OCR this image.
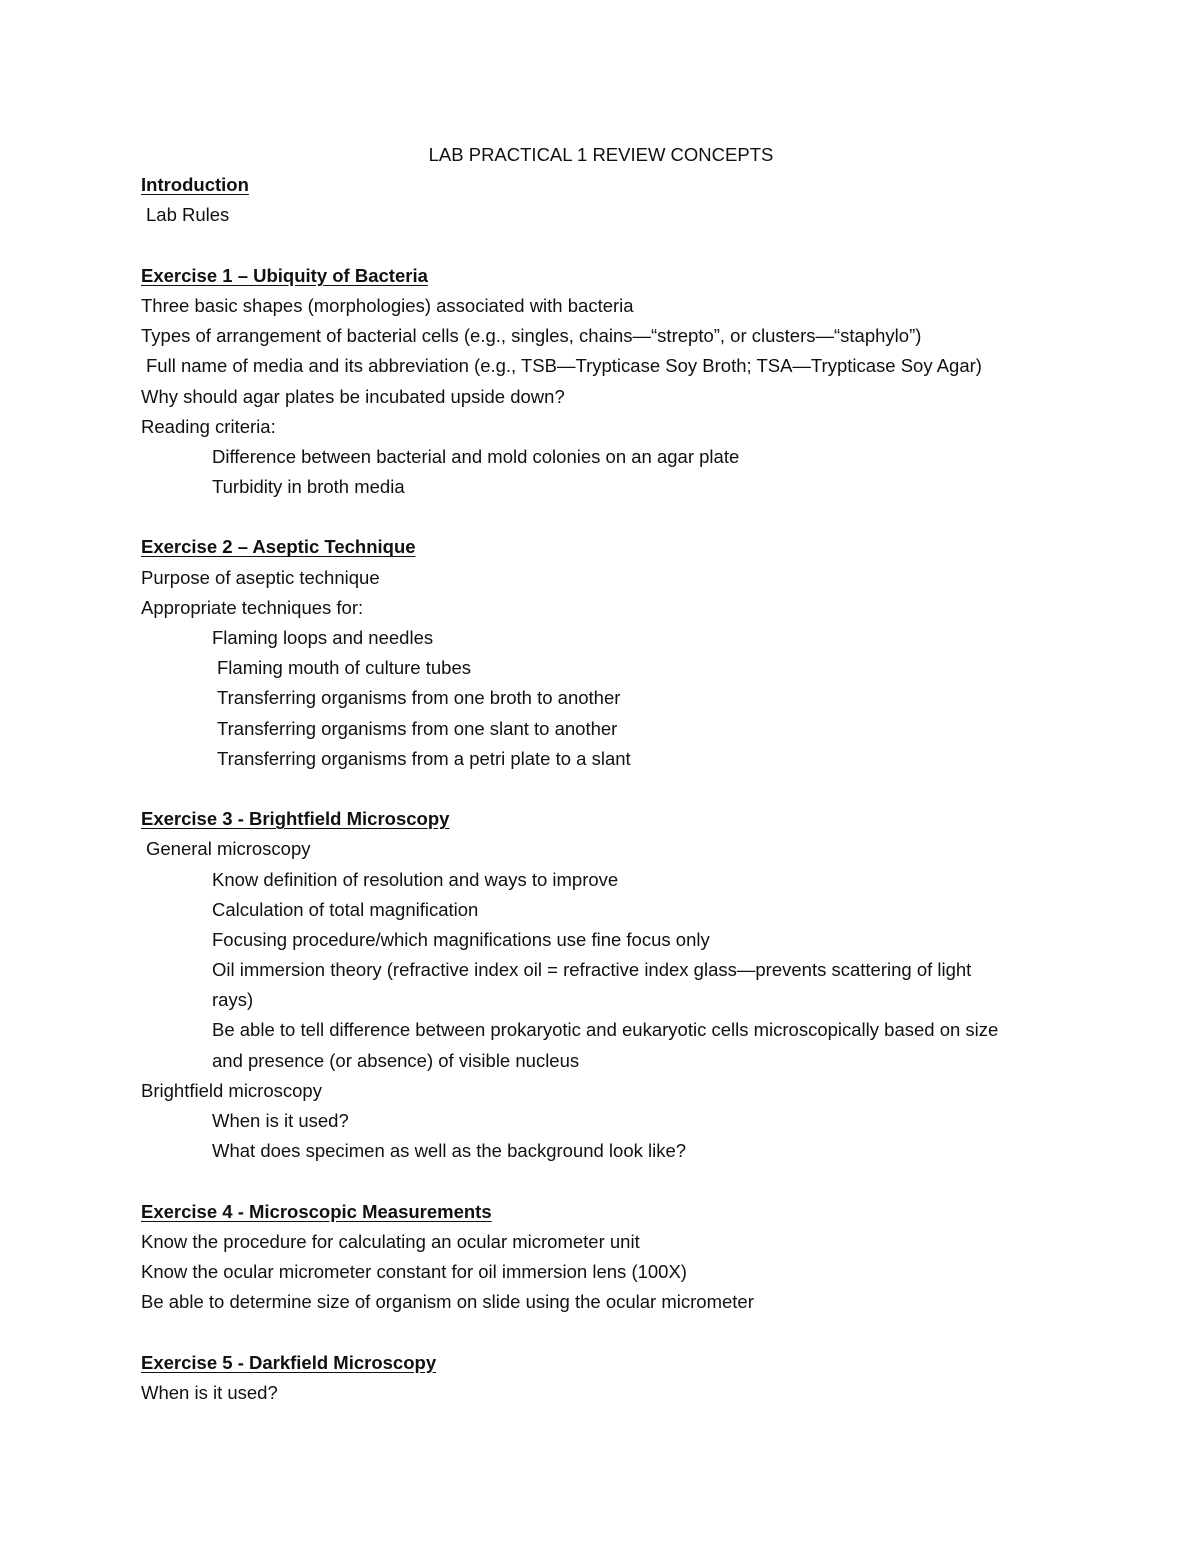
LAB PRACTICAL 1 REVIEW CONCEPTS
Introduction
Lab Rules
Exercise 1 – Ubiquity of Bacteria
Three basic shapes (morphologies) associated with bacteria
Types of arrangement of bacterial cells (e.g., singles, chains—“strepto”, or clusters—“staphylo”)
Full name of media and its abbreviation (e.g., TSB—Trypticase Soy Broth; TSA—Trypticase Soy Agar)
Why should agar plates be incubated upside down?
Reading criteria:
Difference between bacterial and mold colonies on an agar plate
Turbidity in broth media
Exercise 2 – Aseptic Technique
Purpose of aseptic technique
Appropriate techniques for:
Flaming loops and needles
Flaming mouth of culture tubes
Transferring organisms from one broth to another
Transferring organisms from one slant to another
Transferring organisms from a petri plate to a slant
Exercise 3 - Brightfield Microscopy
General microscopy
Know definition of resolution and ways to improve
Calculation of total magnification
Focusing procedure/which magnifications use fine focus only
Oil immersion theory (refractive index oil = refractive index glass—prevents scattering of light
rays)
Be able to tell difference between prokaryotic and eukaryotic cells microscopically based on size
and presence (or absence) of visible nucleus
Brightfield microscopy
When is it used?
What does specimen as well as the background look like?
Exercise 4 - Microscopic Measurements
Know the procedure for calculating an ocular micrometer unit
Know the ocular micrometer constant for oil immersion lens (100X)
Be able to determine size of organism on slide using the ocular micrometer
Exercise 5 - Darkfield Microscopy
When is it used?
